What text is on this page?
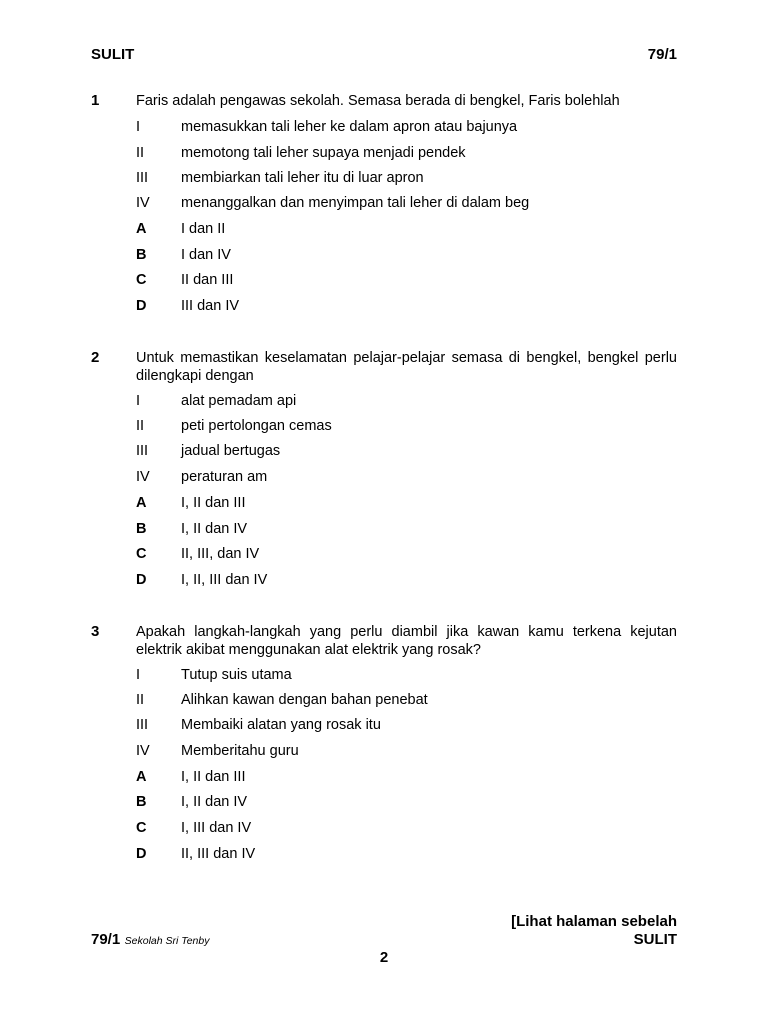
SULIT	79/1
1	Faris adalah pengawas sekolah. Semasa berada di bengkel, Faris bolehlah
I	memasukkan tali leher ke dalam apron atau bajunya
II	memotong tali leher supaya menjadi pendek
III membiarkan tali leher itu di luar apron
IV menanggalkan dan menyimpan tali leher di dalam beg
A I dan II
B I dan IV
C II dan III
D III dan IV
2	Untuk memastikan keselamatan pelajar-pelajar semasa di bengkel, bengkel perlu dilengkapi dengan
I	alat pemadam api
II	peti pertolongan cemas
III jadual bertugas
IV peraturan am
A I, II dan III
B I, II dan IV
C II, III, dan IV
D I, II, III dan IV
3	Apakah langkah-langkah yang perlu diambil jika kawan kamu terkena kejutan elektrik akibat menggunakan alat elektrik yang rosak?
I	Tutup suis utama
II	Alihkan kawan dengan bahan penebat
III Membaiki alatan yang rosak itu
IV Memberitahu guru
A I, II dan III
B I, II dan IV
C I, III dan IV
D II, III dan IV
[Lihat halaman sebelah
SULIT
79/1 Sekolah Sri Tenby
2
